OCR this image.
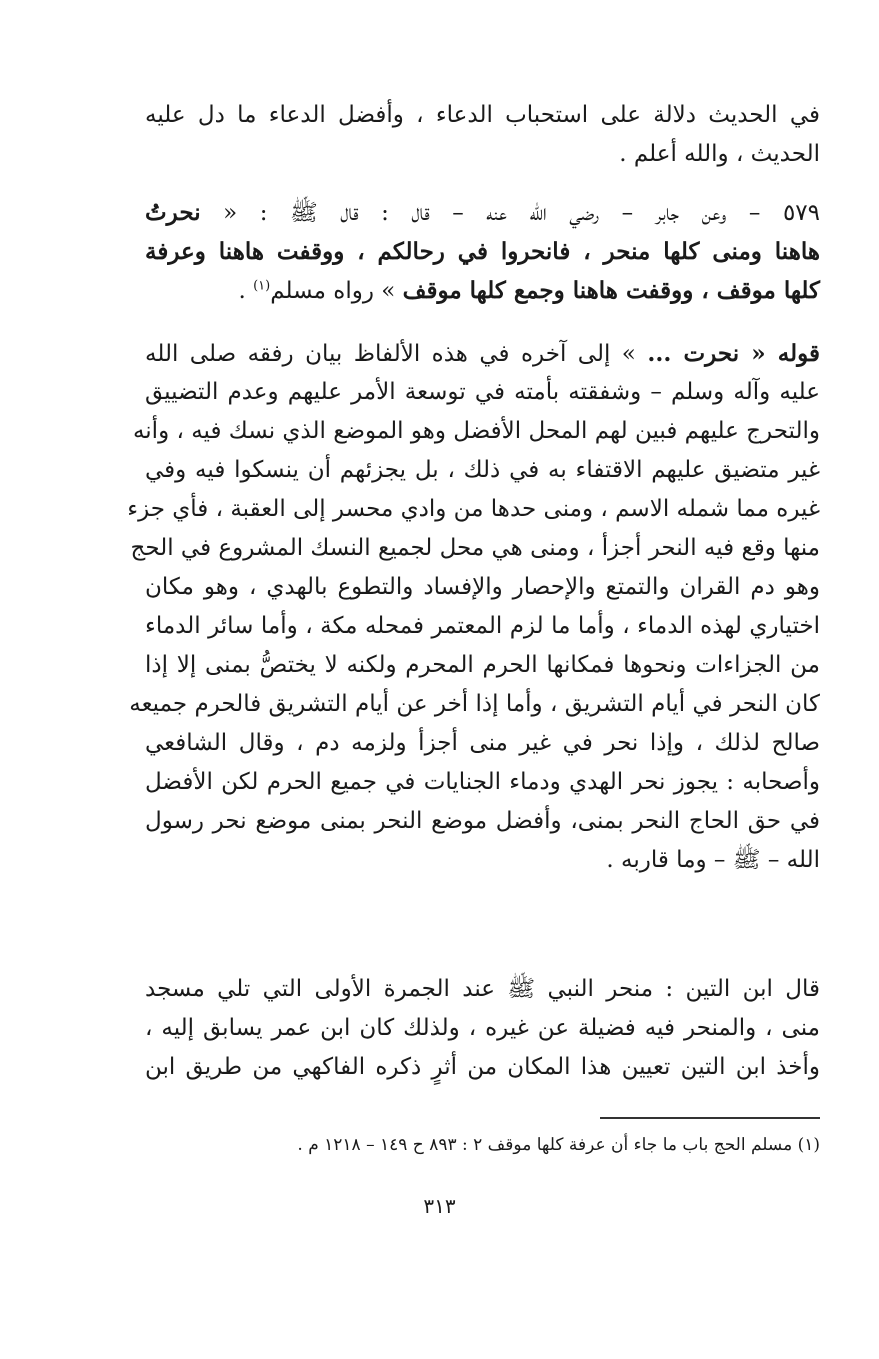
في الحديث دلالة على استحباب الدعاء ، وأفضل الدعاء ما دل عليه
الحديث ، والله أعلم .
٥٧٩ – وعن جابر – رضي الله عنه – قال : قال ﷺ : « نحرتُ
هاهنا ومنى كلها منحر ، فانحروا في رحالكم ، ووقفت هاهنا وعرفة
كلها موقف ، ووقفت هاهنا وجمع كلها موقف » رواه مسلم$^{(١)}$ .
قوله « نحرت ... » إلى آخره في هذه الألفاظ بيان رفقه صلى الله
عليه وآله وسلم – وشفقته بأمته في توسعة الأمر عليهم وعدم التضييق
والتحرج عليهم فبين لهم المحل الأفضل وهو الموضع الذي نسك فيه ، وأنه
غير متضيق عليهم الاقتفاء به في ذلك ، بل يجزئهم أن ينسكوا فيه وفي
غيره مما شمله الاسم ، ومنى حدها من وادي محسر إلى العقبة ، فأي جزء
منها وقع فيه النحر أجزأ ، ومنى هي محل لجميع النسك المشروع في الحج
وهو دم القران والتمتع والإحصار والإفساد والتطوع بالهدي ، وهو مكان
اختياري لهذه الدماء ، وأما ما لزم المعتمر فمحله مكة ، وأما سائر الدماء
من الجزاءات ونحوها فمكانها الحرم المحرم ولكنه لا يختصُّ بمنى إلا إذا
كان النحر في أيام التشريق ، وأما إذا أخر عن أيام التشريق فالحرم جميعه
صالح لذلك ، وإذا نحر في غير منى أجزأ ولزمه دم ، وقال الشافعي
وأصحابه : يجوز نحر الهدي ودماء الجنايات في جميع الحرم لكن الأفضل
في حق الحاج النحر بمنى، وأفضل موضع النحر بمنى موضع نحر رسول
الله – ﷺ – وما قاربه .
قال ابن التين : منحر النبي ﷺ عند الجمرة الأولى التي تلي مسجد
منى ، والمنحر فيه فضيلة عن غيره ، ولذلك كان ابن عمر يسابق إليه ،
وأخذ ابن التين تعيين هذا المكان من أثرٍ ذكره الفاكهي من طريق ابن
(١) مسلم الحج باب ما جاء أن عرفة كلها موقف ٢ : ٨٩٣ ح ١٤٩ – ١٢١٨ م .
٣١٣
